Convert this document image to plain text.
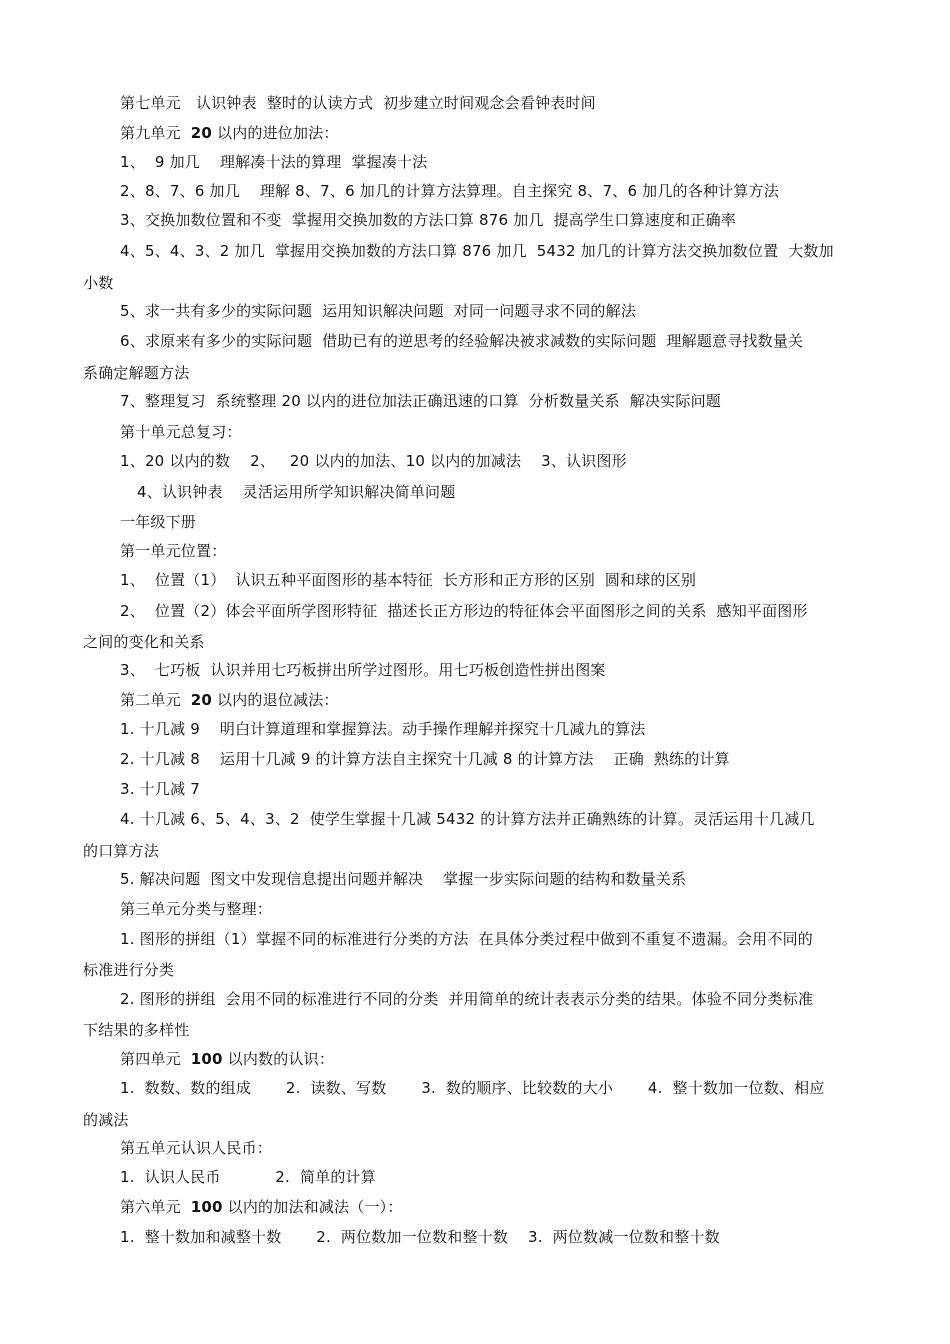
第七单元　认识钟表  整时的认读方式  初步建立时间观念会看钟表时间
第九单元  20 以内的进位加法：
1、  9 加几    理解凑十法的算理  掌握凑十法
2、8、7、6 加几    理解 8、7、6 加几的计算方法算理。自主探究 8、7、6 加几的各种计算方法
3、交换加数位置和不变  掌握用交换加数的方法口算 876 加几  提高学生口算速度和正确率
4、5、4、3、2 加几  掌握用交换加数的方法口算 876 加几  5432 加几的计算方法交换加数位置  大数加
小数
5、求一共有多少的实际问题  运用知识解决问题  对同一问题寻求不同的解法
6、求原来有多少的实际问题  借助已有的逆思考的经验解决被求减数的实际问题  理解题意寻找数量关
系确定解题方法
7、整理复习  系统整理 20 以内的进位加法正确迅速的口算  分析数量关系  解决实际问题
第十单元总复习：
1、20 以内的数    2、   20 以内的加法、10 以内的加减法    3、认识图形
4、认识钟表    灵活运用所学知识解决简单问题
一年级下册
第一单元位置：
1、  位置（1）  认识五种平面图形的基本特征  长方形和正方形的区别  圆和球的区别
2、  位置（2）体会平面所学图形特征  描述长正方形边的特征体会平面图形之间的关系  感知平面图形
之间的变化和关系
3、  七巧板  认识并用七巧板拼出所学过图形。用七巧板创造性拼出图案
第二单元  20 以内的退位减法：
1. 十几减 9    明白计算道理和掌握算法。动手操作理解并探究十几减九的算法
2. 十几减 8    运用十几减 9 的计算方法自主探究十几减 8 的计算方法    正确  熟练的计算
3. 十几减 7
4. 十几减 6、5、4、3、2  使学生掌握十几减 5432 的计算方法并正确熟练的计算。灵活运用十几减几
的口算方法
5. 解决问题  图文中发现信息提出问题并解决    掌握一步实际问题的结构和数量关系
第三单元分类与整理：
1. 图形的拼组（1）掌握不同的标准进行分类的方法  在具体分类过程中做到不重复不遗漏。会用不同的
标准进行分类
2. 图形的拼组  会用不同的标准进行不同的分类  并用简单的统计表表示分类的结果。体验不同分类标准
下结果的多样性
第四单元  100 以内数的认识：
1.  数数、数的组成       2.  读数、写数       3.  数的顺序、比较数的大小       4.  整十数加一位数、相应
的减法
第五单元认识人民币：
1.  认识人民币           2.  简单的计算
第六单元  100 以内的加法和减法（一）：
1.  整十数加和减整十数       2.  两位数加一位数和整十数    3.  两位数减一位数和整十数
